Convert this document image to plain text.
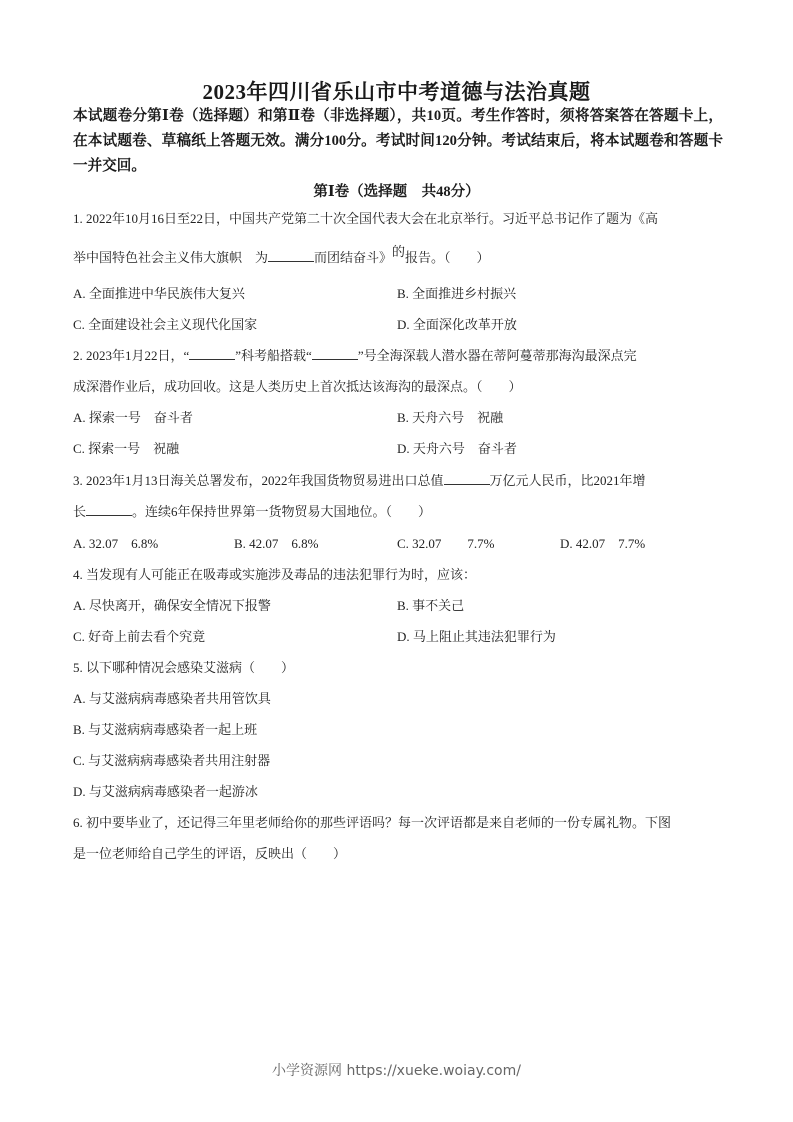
2023年四川省乐山市中考道德与法治真题
本试题卷分第Ⅰ卷（选择题）和第Ⅱ卷（非选择题），共10页。考生作答时，须将答案答在答题卡上，在本试题卷、草稿纸上答题无效。满分100分。考试时间120分钟。考试结束后，将本试题卷和答题卡一并交回。
第Ⅰ卷（选择题　共48分）
1. 2022年10月16日至22日，中国共产党第二十次全国代表大会在北京举行。习近平总书记作了题为《高
举中国特色社会主义伟大旗帜　为	而团结奋斗》的报告。（　　）
A. 全面推进中华民族伟大复兴	B. 全面推进乡村振兴
C. 全面建设社会主义现代化国家	D. 全面深化改革开放
2. 2023年1月22日，“	”科考船搭载“	”号全海深载人潜水器在蒂阿蔓蒂那海沟最深点完
成深潜作业后，成功回收。这是人类历史上首次抵达该海沟的最深点。（　　）
A. 探索一号　奋斗者	B. 天舟六号　祝融
C. 探索一号　祝融	D. 天舟六号　奋斗者
3. 2023年1月13日海关总署发布，2022年我国货物贸易进出口总值	万亿元人民币，比2021年增
长	。连续6年保持世界第一货物贸易大国地位。（　　）
A. 32.07　6.8%	B. 42.07　6.8%	C. 32.07　　7.7%	D. 42.07　7.7%
4. 当发现有人可能正在吸毒或实施涉及毒品的违法犯罪行为时，应该：
A. 尽快离开，确保安全情况下报警	B. 事不关己
C. 好奇上前去看个究竟	D. 马上阻止其违法犯罪行为
5. 以下哪种情况会感染艾滋病（　　）
A. 与艾滋病病毒感染者共用管饮具
B. 与艾滋病病毒感染者一起上班
C. 与艾滋病病毒感染者共用注射器
D. 与艾滋病病毒感染者一起游冰
6. 初中要毕业了，还记得三年里老师给你的那些评语吗？每一次评语都是来自老师的一份专属礼物。下图
是一位老师给自己学生的评语，反映出（　　）
小学资源网 https://xueke.woiay.com/
